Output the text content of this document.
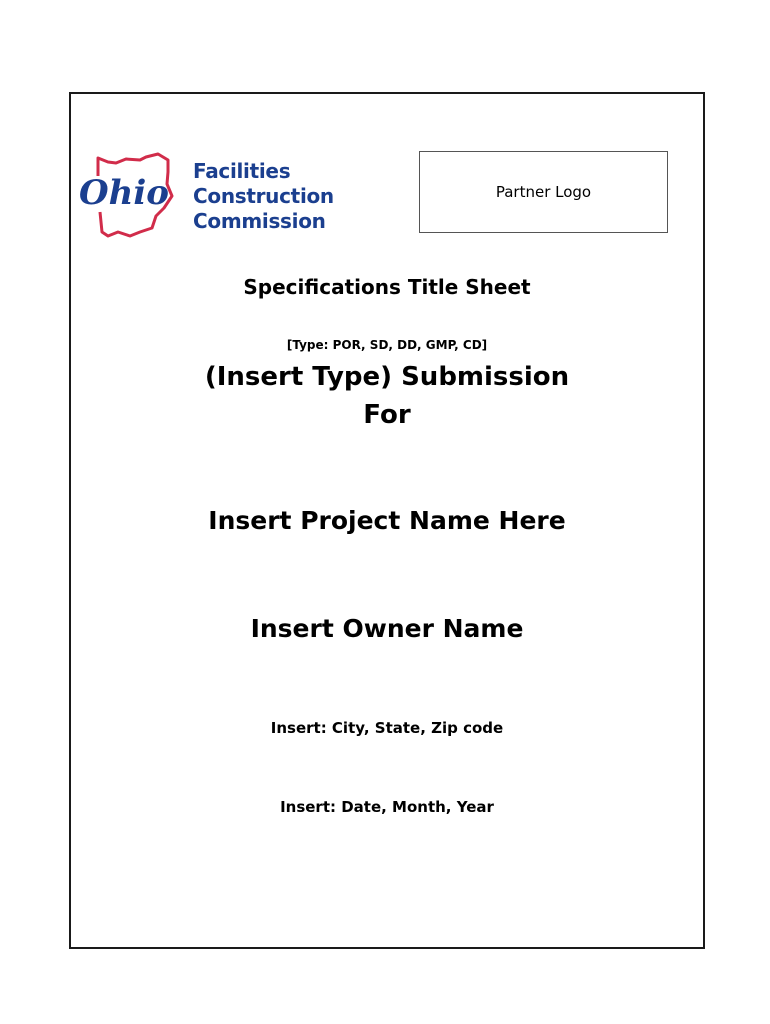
Ohio
Facilities
Construction
Commission
Partner Logo
Specifications Title Sheet
[Type: POR, SD, DD, GMP, CD]
(Insert Type) Submission
For
Insert Project Name Here
Insert Owner Name
Insert: City, State, Zip code
Insert: Date, Month, Year
